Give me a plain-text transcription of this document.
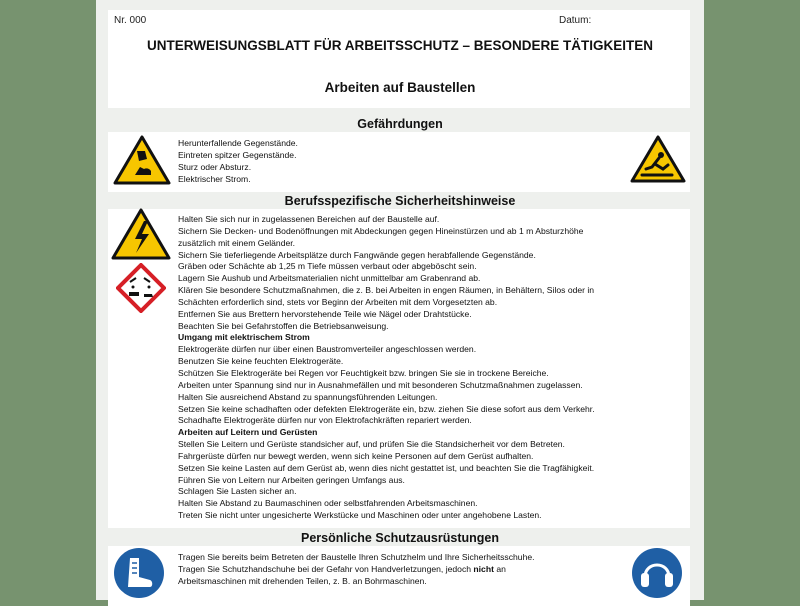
Nr. 000	Datum:
UNTERWEISUNGSBLATT FÜR ARBEITSSCHUTZ – BESONDERE TÄTIGKEITEN
Arbeiten auf Baustellen
Gefährdungen
Herunterfallende Gegenstände.
Eintreten spitzer Gegenstände.
Sturz oder Absturz.
Elektrischer Strom.
Berufsspezifische Sicherheitshinweise
Halten Sie sich nur in zugelassenen Bereichen auf der Baustelle auf.
Sichern Sie Decken- und Bodenöffnungen mit Abdeckungen gegen Hineinstürzen und ab 1 m Absturzhöhe
zusätzlich mit einem Geländer.
Sichern Sie tieferliegende Arbeitsplätze durch Fangwände gegen herabfallende Gegenstände.
Gräben oder Schächte ab 1,25 m Tiefe müssen verbaut oder abgeböscht sein.
Lagern Sie Aushub und Arbeitsmaterialien nicht unmittelbar am Grabenrand ab.
Klären Sie besondere Schutzmaßnahmen, die z. B. bei Arbeiten in engen Räumen, in Behältern, Silos oder in
Schächten erforderlich sind, stets vor Beginn der Arbeiten mit dem Vorgesetzten ab.
Entfernen Sie aus Brettern hervorstehende Teile wie Nägel oder Drahtstücke.
Beachten Sie bei Gefahrstoffen die Betriebsanweisung.
Umgang mit elektrischem Strom
Elektrogeräte dürfen nur über einen Baustromverteiler angeschlossen werden.
Benutzen Sie keine feuchten Elektrogeräte.
Schützen Sie Elektrogeräte bei Regen vor Feuchtigkeit bzw. bringen Sie sie in trockene Bereiche.
Arbeiten unter Spannung sind nur in Ausnahmefällen und mit besonderen Schutzmaßnahmen zugelassen.
Halten Sie ausreichend Abstand zu spannungsführenden Leitungen.
Setzen Sie keine schadhaften oder defekten Elektrogeräte ein, bzw. ziehen Sie diese sofort aus dem Verkehr.
Schadhafte Elektrogeräte dürfen nur von Elektrofachkräften repariert werden.
Arbeiten auf Leitern und Gerüsten
Stellen Sie Leitern und Gerüste standsicher auf, und prüfen Sie die Standsicherheit vor dem Betreten.
Fahrgerüste dürfen nur bewegt werden, wenn sich keine Personen auf dem Gerüst aufhalten.
Setzen Sie keine Lasten auf dem Gerüst ab, wenn dies nicht gestattet ist, und beachten Sie die Tragfähigkeit.
Führen Sie von Leitern nur Arbeiten geringen Umfangs aus.
Schlagen Sie Lasten sicher an.
Halten Sie Abstand zu Baumaschinen oder selbstfahrenden Arbeitsmaschinen.
Treten Sie nicht unter ungesicherte Werkstücke und Maschinen oder unter angehobene Lasten.
Persönliche Schutzausrüstungen
Tragen Sie bereits beim Betreten der Baustelle Ihren Schutzhelm und Ihre Sicherheitsschuhe.
Tragen Sie Schutzhandschuhe bei der Gefahr von Handverletzungen, jedoch nicht an
Arbeitsmaschinen mit drehenden Teilen, z. B. an Bohrmaschinen.
